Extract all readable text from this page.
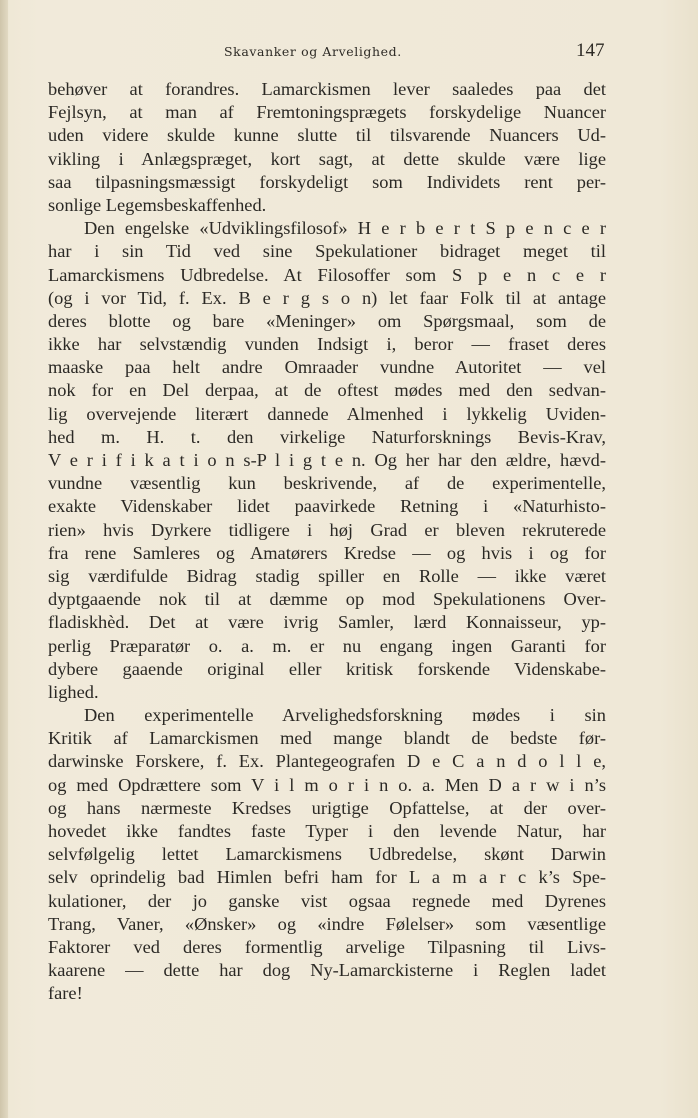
Skavanker og Arvelighed.	147
behøver at forandres. Lamarckismen lever saaledes paa det
Fejlsyn, at man af Fremtoningsprægets forskydelige Nuancer
uden videre skulde kunne slutte til tilsvarende Nuancers Ud-
vikling i Anlægspræget, kort sagt, at dette skulde være lige
saa tilpasningsmæssigt forskydeligt som Individets rent per-
sonlige Legemsbeskaffenhed.
Den engelske «Udviklingsfilosof» H e r b e r t S p e n c e r
har i sin Tid ved sine Spekulationer bidraget meget til
Lamarckismens Udbredelse. At Filosoffer som S p e n c e r
(og i vor Tid, f. Ex. B e r g s o n) let faar Folk til at antage
deres blotte og bare «Meninger» om Spørgsmaal, som de
ikke har selvstændig vunden Indsigt i, beror — fraset deres
maaske paa helt andre Omraader vundne Autoritet — vel
nok for en Del derpaa, at de oftest mødes med den sedvan-
lig overvejende literært dannede Almenhed i lykkelig Uviden-
hed m. H. t. den virkelige Naturforsknings Bevis-Krav,
V e r i f i k a t i o n s-P l i g t e n. Og her har den ældre, hævd-
vundne væsentlig kun beskrivende, af de experimentelle,
exakte Videnskaber lidet paavirkede Retning i «Naturhisto-
rien» hvis Dyrkere tidligere i høj Grad er bleven rekruterede
fra rene Samleres og Amatørers Kredse — og hvis i og for
sig værdifulde Bidrag stadig spiller en Rolle — ikke været
dyptgaaende nok til at dæmme op mod Spekulationens Over-
fladiskhèd. Det at være ivrig Samler, lærd Konnaisseur, yp-
perlig Præparatør o. a. m. er nu engang ingen Garanti for
dybere gaaende original eller kritisk forskende Videnskabe-
lighed.
Den experimentelle Arvelighedsforskning mødes i sin
Kritik af Lamarckismen med mange blandt de bedste før-
darwinske Forskere, f. Ex. Plantegeografen D e C a n d o l l e,
og med Opdrættere som V i l m o r i n o. a. Men D a r w i n’s
og hans nærmeste Kredses urigtige Opfattelse, at der over-
hovedet ikke fandtes faste Typer i den levende Natur, har
selvfølgelig lettet Lamarckismens Udbredelse, skønt Darwin
selv oprindelig bad Himlen befri ham for L a m a r c k’s Spe-
kulationer, der jo ganske vist ogsaa regnede med Dyrenes
Trang, Vaner, «Ønsker» og «indre Følelser» som væsentlige
Faktorer ved deres formentlig arvelige Tilpasning til Livs-
kaarene — dette har dog Ny-Lamarckisterne i Reglen ladet
fare!
